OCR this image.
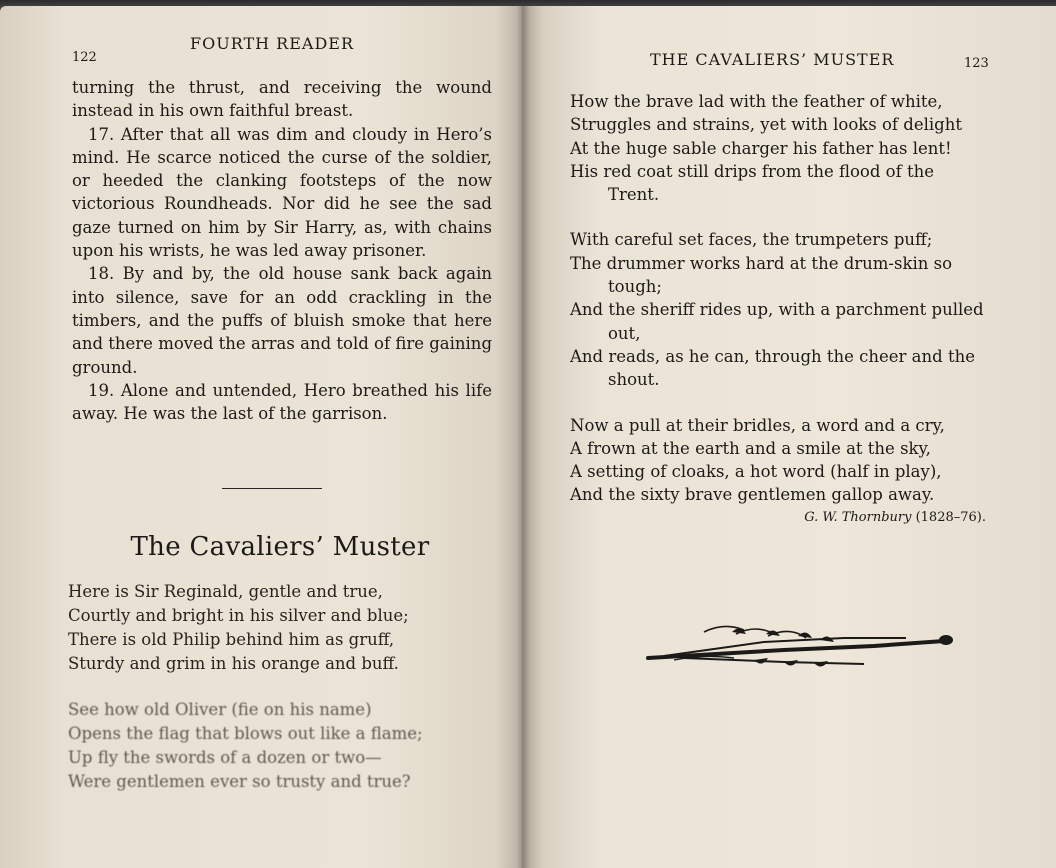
122
FOURTH READER

turning the thrust, and receiving the wound instead in his own faithful breast.

17. After that all was dim and cloudy in Hero’s mind. He scarce noticed the curse of the soldier, or heeded the clanking footsteps of the now victorious Roundheads. Nor did he see the sad gaze turned on him by Sir Harry, as, with chains upon his wrists, he was led away prisoner.

18. By and by, the old house sank back again into silence, save for an odd crackling in the timbers, and the puffs of bluish smoke that here and there moved the arras and told of fire gaining ground.

19. Alone and untended, Hero breathed his life away. He was the last of the garrison.

The Cavaliers’ Muster
Here is Sir Reginald, gentle and true,
Courtly and bright in his silver and blue;
There is old Philip behind him as gruff,
Sturdy and grim in his orange and buff.
See how old Oliver (fie on his name)
Opens the flag that blows out like a flame;
Up fly the swords of a dozen or two—
Were gentlemen ever so trusty and true?
THE CAVALIERS’ MUSTER	123
How the brave lad with the feather of white,
Struggles and strains, yet with looks of delight
At the huge sable charger his father has lent!
His red coat still drips from the flood of the
Trent.
With careful set faces, the trumpeters puff;
The drummer works hard at the drum-skin so
tough;
And the sheriff rides up, with a parchment pulled
out,
And reads, as he can, through the cheer and the
shout.
Now a pull at their bridles, a word and a cry,
A frown at the earth and a smile at the sky,
A setting of cloaks, a hot word (half in play),
And the sixty brave gentlemen gallop away.
G. W. Thornbury (1828–76).
